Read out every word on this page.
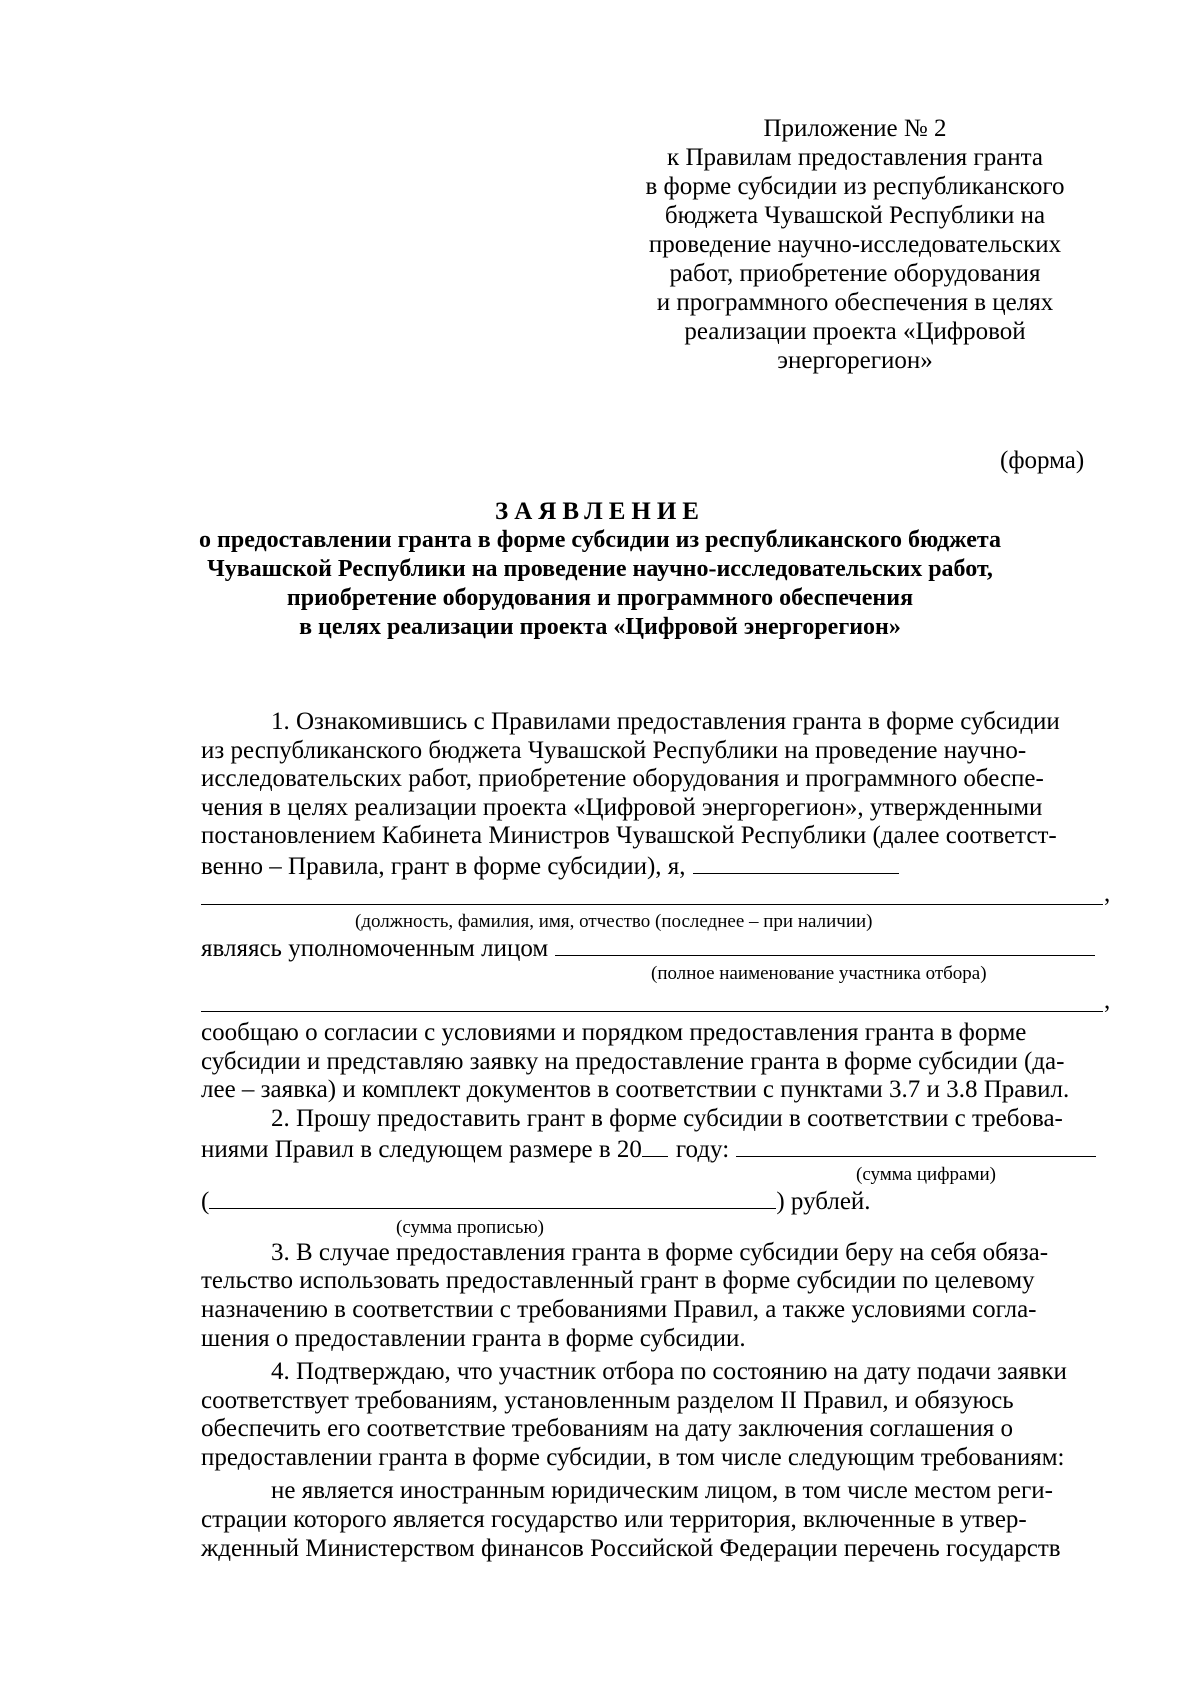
Приложение № 2
к Правилам предоставления гранта
в форме субсидии из республиканского
бюджета Чувашской Республики на
проведение научно-исследовательских
работ, приобретение оборудования
и программного обеспечения в целях
реализации проекта «Цифровой
энергорегион»
(форма)
ЗАЯВЛЕНИЕ
о предоставлении гранта в форме субсидии из республиканского бюджета
Чувашской Республики на проведение научно-исследовательских работ,
приобретение оборудования и программного обеспечения
в целях реализации проекта «Цифровой энергорегион»
1. Ознакомившись с Правилами предоставления гранта в форме субсидии
из республиканского бюджета Чувашской Республики на проведение научно-
исследовательских работ, приобретение оборудования и программного обеспе-
чения в целях реализации проекта «Цифровой энергорегион», утвержденными
постановлением Кабинета Министров Чувашской Республики (далее соответст-
венно – Правила, грант в форме субсидии), я,
,
(должность, фамилия, имя, отчество (последнее – при наличии)
являясь уполномоченным лицом
(полное наименование участника отбора)
,
сообщаю о согласии с условиями и порядком предоставления гранта в форме
субсидии и представляю заявку на предоставление гранта в форме субсидии (да-
лее – заявка) и комплект документов в соответствии с пунктами 3.7 и 3.8 Правил.
2. Прошу предоставить грант в форме субсидии в соответствии с требова-
ниями Правил в следующем размере в 20 году:
(сумма цифрами)
(	) рублей.
(сумма прописью)
3. В случае предоставления гранта в форме субсидии беру на себя обяза-
тельство использовать предоставленный грант в форме субсидии по целевому
назначению в соответствии с требованиями Правил, а также условиями согла-
шения о предоставлении гранта в форме субсидии.
4. Подтверждаю, что участник отбора по состоянию на дату подачи заявки
соответствует требованиям, установленным разделом II Правил, и обязуюсь
обеспечить его соответствие требованиям на дату заключения соглашения о
предоставлении гранта в форме субсидии, в том числе следующим требованиям:
не является иностранным юридическим лицом, в том числе местом реги-
страции которого является государство или территория, включенные в утвер-
жденный Министерством финансов Российской Федерации перечень государств
